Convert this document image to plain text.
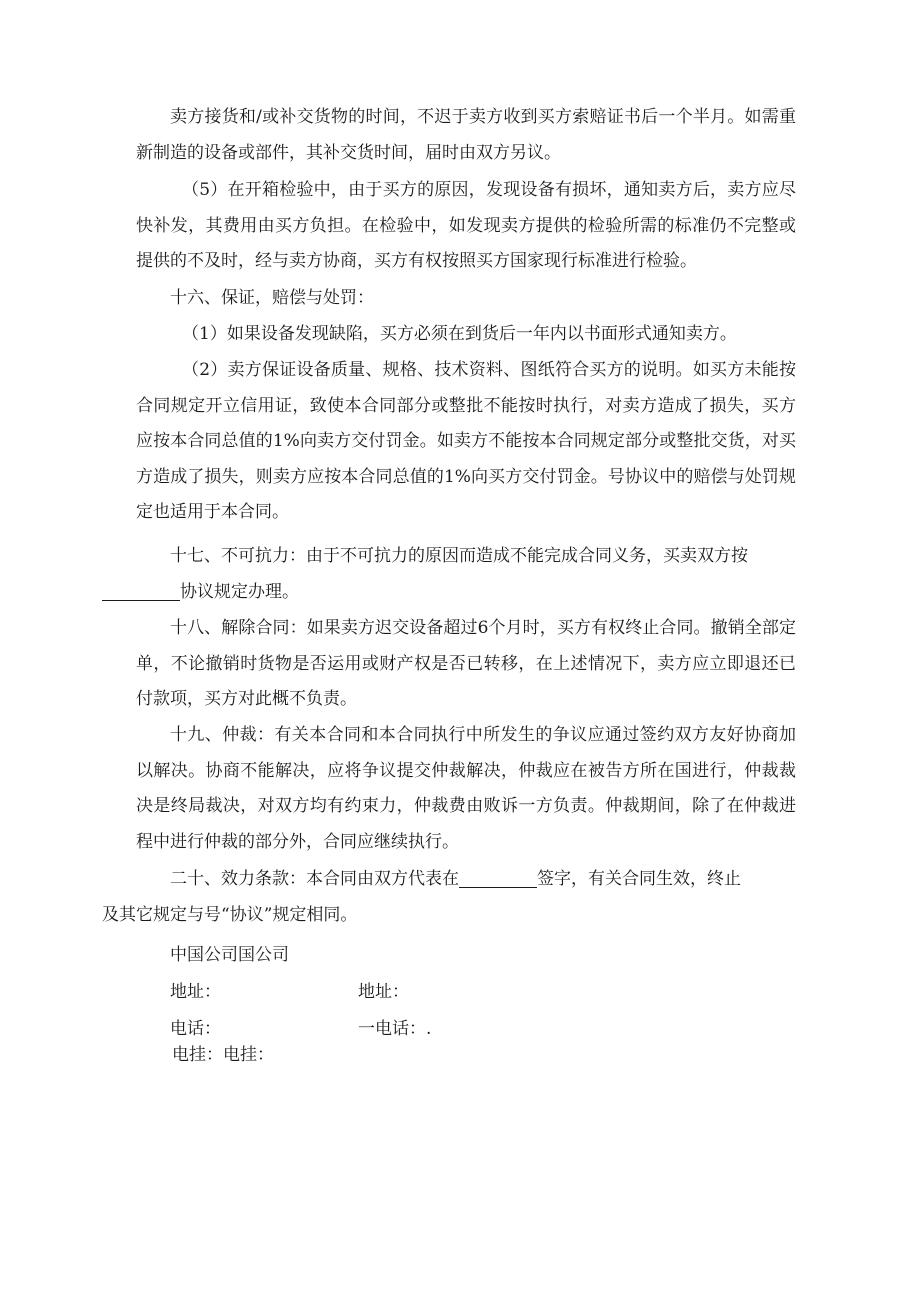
卖方接货和/或补交货物的时间，不迟于卖方收到买方索赔证书后一个半月。如需重新制造的设备或部件，其补交货时间，届时由双方另议。

（5）在开箱检验中，由于买方的原因，发现设备有损坏，通知卖方后，卖方应尽快补发，其费用由买方负担。在检验中，如发现卖方提供的检验所需的标准仍不完整或提供的不及时，经与卖方协商，买方有权按照买方国家现行标准进行检验。

十六、保证，赔偿与处罚：

（1）如果设备发现缺陷，买方必须在到货后一年内以书面形式通知卖方。

（2）卖方保证设备质量、规格、技术资料、图纸符合买方的说明。如买方未能按合同规定开立信用证，致使本合同部分或整批不能按时执行，对卖方造成了损失，买方应按本合同总值的1%向卖方交付罚金。如卖方不能按本合同规定部分或整批交货，对买方造成了损失，则卖方应按本合同总值的1%向买方交付罚金。号协议中的赔偿与处罚规定也适用于本合同。

十七、不可抗力：由于不可抗力的原因而造成不能完成合同义务，买卖双方按
协议规定办理。

十八、解除合同：如果卖方迟交设备超过6个月时，买方有权终止合同。撤销全部定单，不论撤销时货物是否运用或财产权是否已转移，在上述情况下，卖方应立即退还已付款项，买方对此概不负责。

十九、仲裁：有关本合同和本合同执行中所发生的争议应通过签约双方友好协商加以解决。协商不能解决，应将争议提交仲裁解决，仲裁应在被告方所在国进行，仲裁裁决是终局裁决，对双方均有约束力，仲裁费由败诉一方负责。仲裁期间，除了在仲裁进程中进行仲裁的部分外，合同应继续执行。

二十、效力条款：本合同由双方代表在	签字，有关合同生效，终止
及其它规定与号“协议”规定相同。
中国公司国公司
地址：	地址：
电话：	一电话：.
电挂：电挂：
